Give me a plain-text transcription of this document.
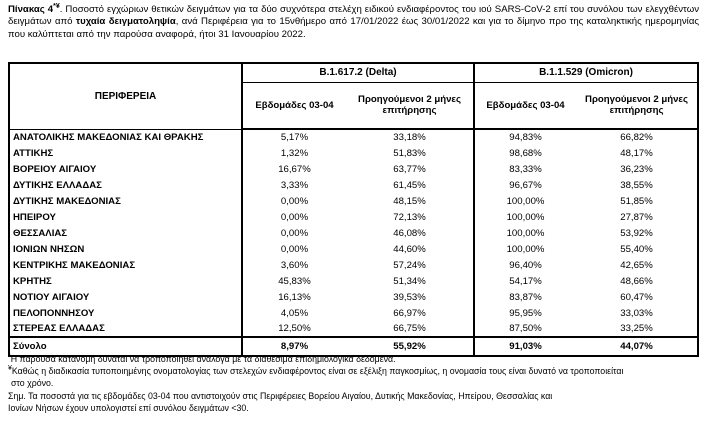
Πίνακας 4*¥. Ποσοστό εγχώριων θετικών δειγμάτων για τα δύο συχνότερα στελέχη ειδικού ενδιαφέροντος του ιού SARS-CoV-2 επί του συνόλου των ελεγχθέντων δειγμάτων από τυχαία δειγματοληψία, ανά Περιφέρεια για το 15νθήμερο από 17/01/2022 έως 30/01/2022 και για το δίμηνο προ της καταληκτικής ημερομηνίας που καλύπτεται από την παρούσα αναφορά, ήτοι 31 Ιανουαρίου 2022.

ΠΕΡΙΦΕΡΕΙΑ	B.1.617.2 (Delta)		B.1.1.529 (Omicron)	
	Εβδομάδες 03-04	Προηγούμενοι 2 μήνες επιτήρησης	Εβδομάδες 03-04	Προηγούμενοι 2 μήνες επιτήρησης
ΑΝΑΤΟΛΙΚΗΣ ΜΑΚΕΔΟΝΙΑΣ ΚΑΙ ΘΡΑΚΗΣ	5,17%	33,18%	94,83%	66,82%
ΑΤΤΙΚΗΣ	1,32%	51,83%	98,68%	48,17%
ΒΟΡΕΙΟΥ ΑΙΓΑΙΟΥ	16,67%	63,77%	83,33%	36,23%
ΔΥΤΙΚΗΣ ΕΛΛΑΔΑΣ	3,33%	61,45%	96,67%	38,55%
ΔΥΤΙΚΗΣ ΜΑΚΕΔΟΝΙΑΣ	0,00%	48,15%	100,00%	51,85%
ΗΠΕΙΡΟΥ	0,00%	72,13%	100,00%	27,87%
ΘΕΣΣΑΛΙΑΣ	0,00%	46,08%	100,00%	53,92%
ΙΟΝΙΩΝ ΝΗΣΩΝ	0,00%	44,60%	100,00%	55,40%
ΚΕΝΤΡΙΚΗΣ ΜΑΚΕΔΟΝΙΑΣ	3,60%	57,24%	96,40%	42,65%
ΚΡΗΤΗΣ	45,83%	51,34%	54,17%	48,66%
ΝΟΤΙΟΥ ΑΙΓΑΙΟΥ	16,13%	39,53%	83,87%	60,47%
ΠΕΛΟΠΟΝΝΗΣΟΥ	4,05%	66,97%	95,95%	33,03%
ΣΤΕΡΕΑΣ ΕΛΛΑΔΑΣ	12,50%	66,75%	87,50%	33,25%
Σύνολο	8,97%	55,92%	91,03%	44,07%
*Η παρούσα κατανομή δύναται να τροποποιηθεί ανάλογα με τα διαθέσιμα επιδημιολογικά δεδομένα.
¥Καθώς η διαδικασία τυποποιημένης ονοματολογίας των στελεχών ενδιαφέροντος είναι σε εξέλιξη παγκοσμίως, η ονομασία τους είναι δυνατό να τροποποιείται
στο χρόνο.
Σημ. Τα ποσοστά για τις εβδομάδες 03-04 που αντιστοιχούν στις Περιφέρειες Βορείου Αιγαίου, Δυτικής Μακεδονίας, Ηπείρου, Θεσσαλίας και
Ιονίων Νήσων έχουν υπολογιστεί επί συνόλου δειγμάτων <30.
